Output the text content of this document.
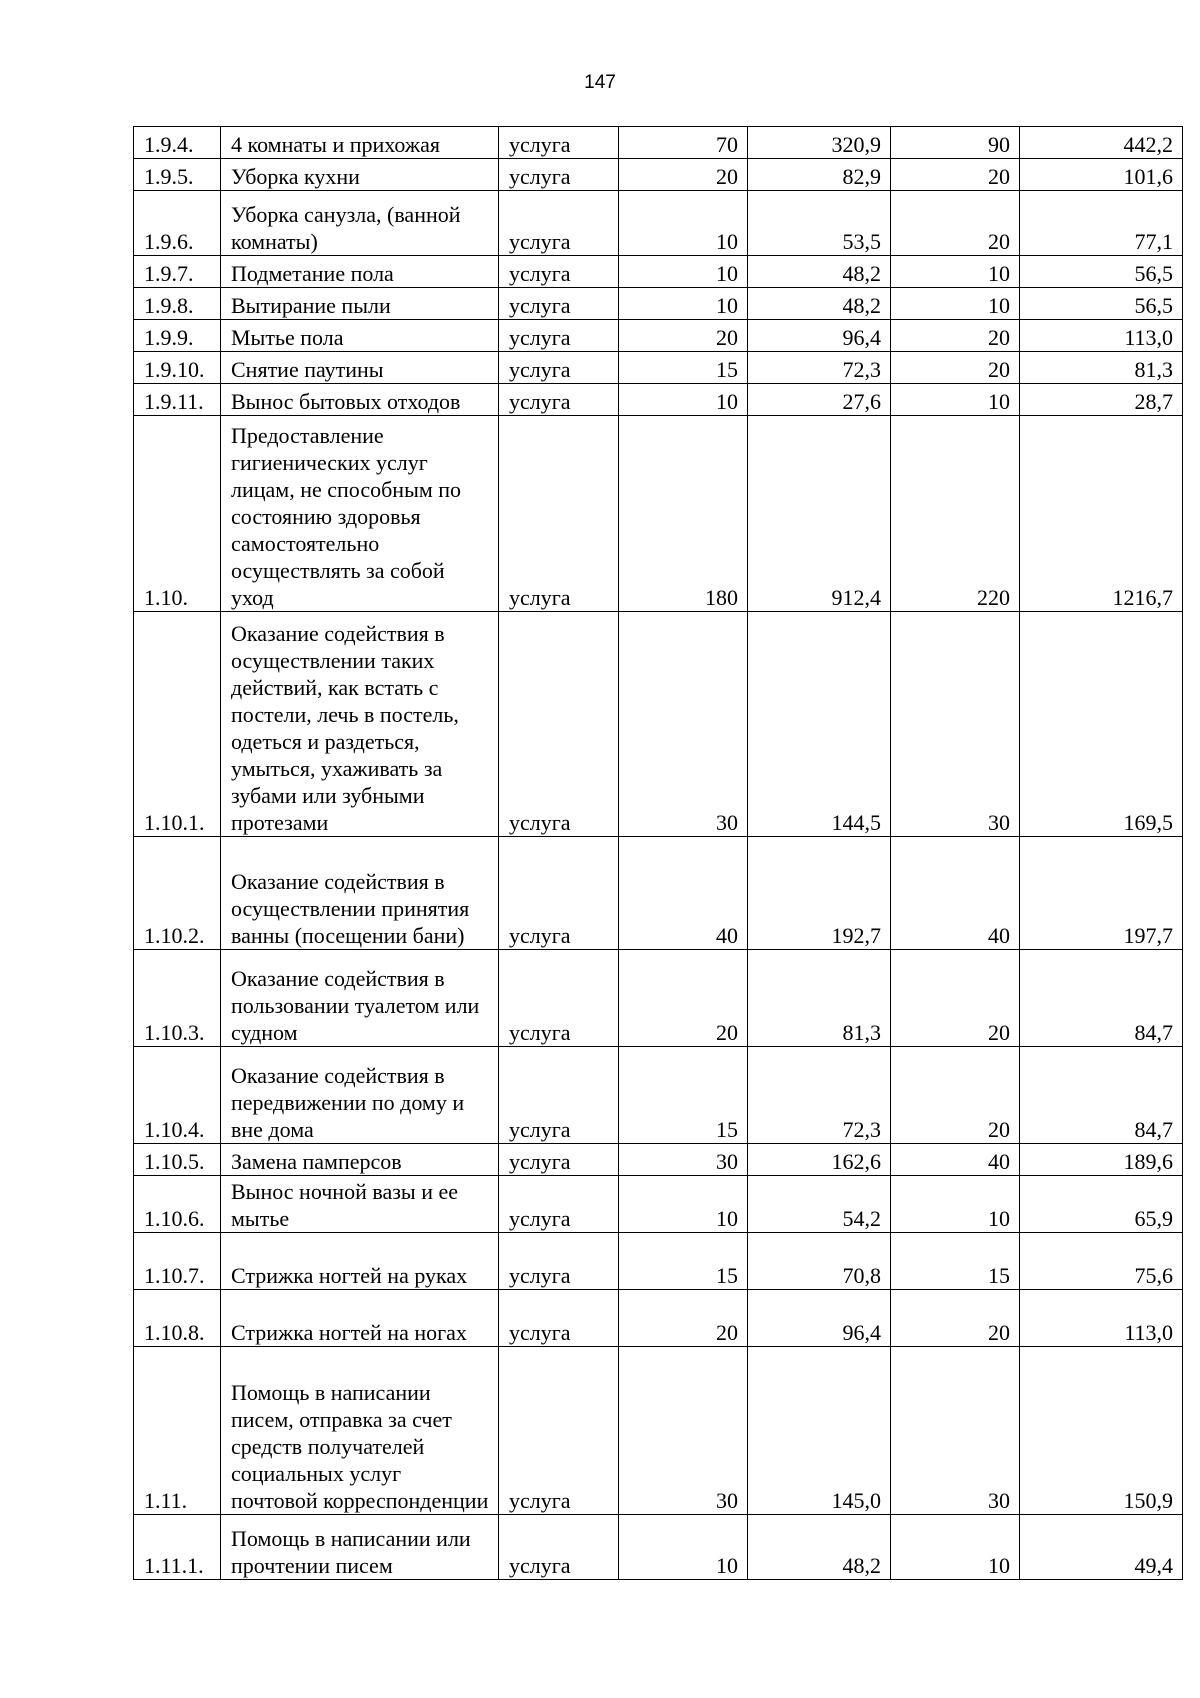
147
1.9.4.	4 комнаты и прихожая	услуга	70	320,9	90	442,2
1.9.5.	Уборка кухни	услуга	20	82,9	20	101,6
1.9.6.	Уборка санузла, (ванной комнаты)	услуга	10	53,5	20	77,1
1.9.7.	Подметание пола	услуга	10	48,2	10	56,5
1.9.8.	Вытирание пыли	услуга	10	48,2	10	56,5
1.9.9.	Мытье пола	услуга	20	96,4	20	113,0
1.9.10.	Снятие паутины	услуга	15	72,3	20	81,3
1.9.11.	Вынос бытовых отходов	услуга	10	27,6	10	28,7
1.10.	Предоставление гигиенических услуг лицам, не способным по состоянию здоровья самостоятельно осуществлять за собой уход	услуга	180	912,4	220	1216,7
1.10.1.	Оказание содействия в осуществлении таких действий, как встать с постели, лечь в постель, одеться и раздеться, умыться, ухаживать за зубами или зубными протезами	услуга	30	144,5	30	169,5
1.10.2.	Оказание содействия в осуществлении принятия ванны (посещении бани)	услуга	40	192,7	40	197,7
1.10.3.	Оказание содействия в пользовании туалетом или судном	услуга	20	81,3	20	84,7
1.10.4.	Оказание содействия в передвижении по дому и вне дома	услуга	15	72,3	20	84,7
1.10.5.	Замена памперсов	услуга	30	162,6	40	189,6
1.10.6.	Вынос ночной вазы и ее мытье	услуга	10	54,2	10	65,9
1.10.7.	Стрижка ногтей на руках	услуга	15	70,8	15	75,6
1.10.8.	Стрижка ногтей на ногах	услуга	20	96,4	20	113,0
1.11.	Помощь в написании писем, отправка за счет средств получателей социальных услуг почтовой корреспонденции	услуга	30	145,0	30	150,9
1.11.1.	Помощь в написании или прочтении писем	услуга	10	48,2	10	49,4
